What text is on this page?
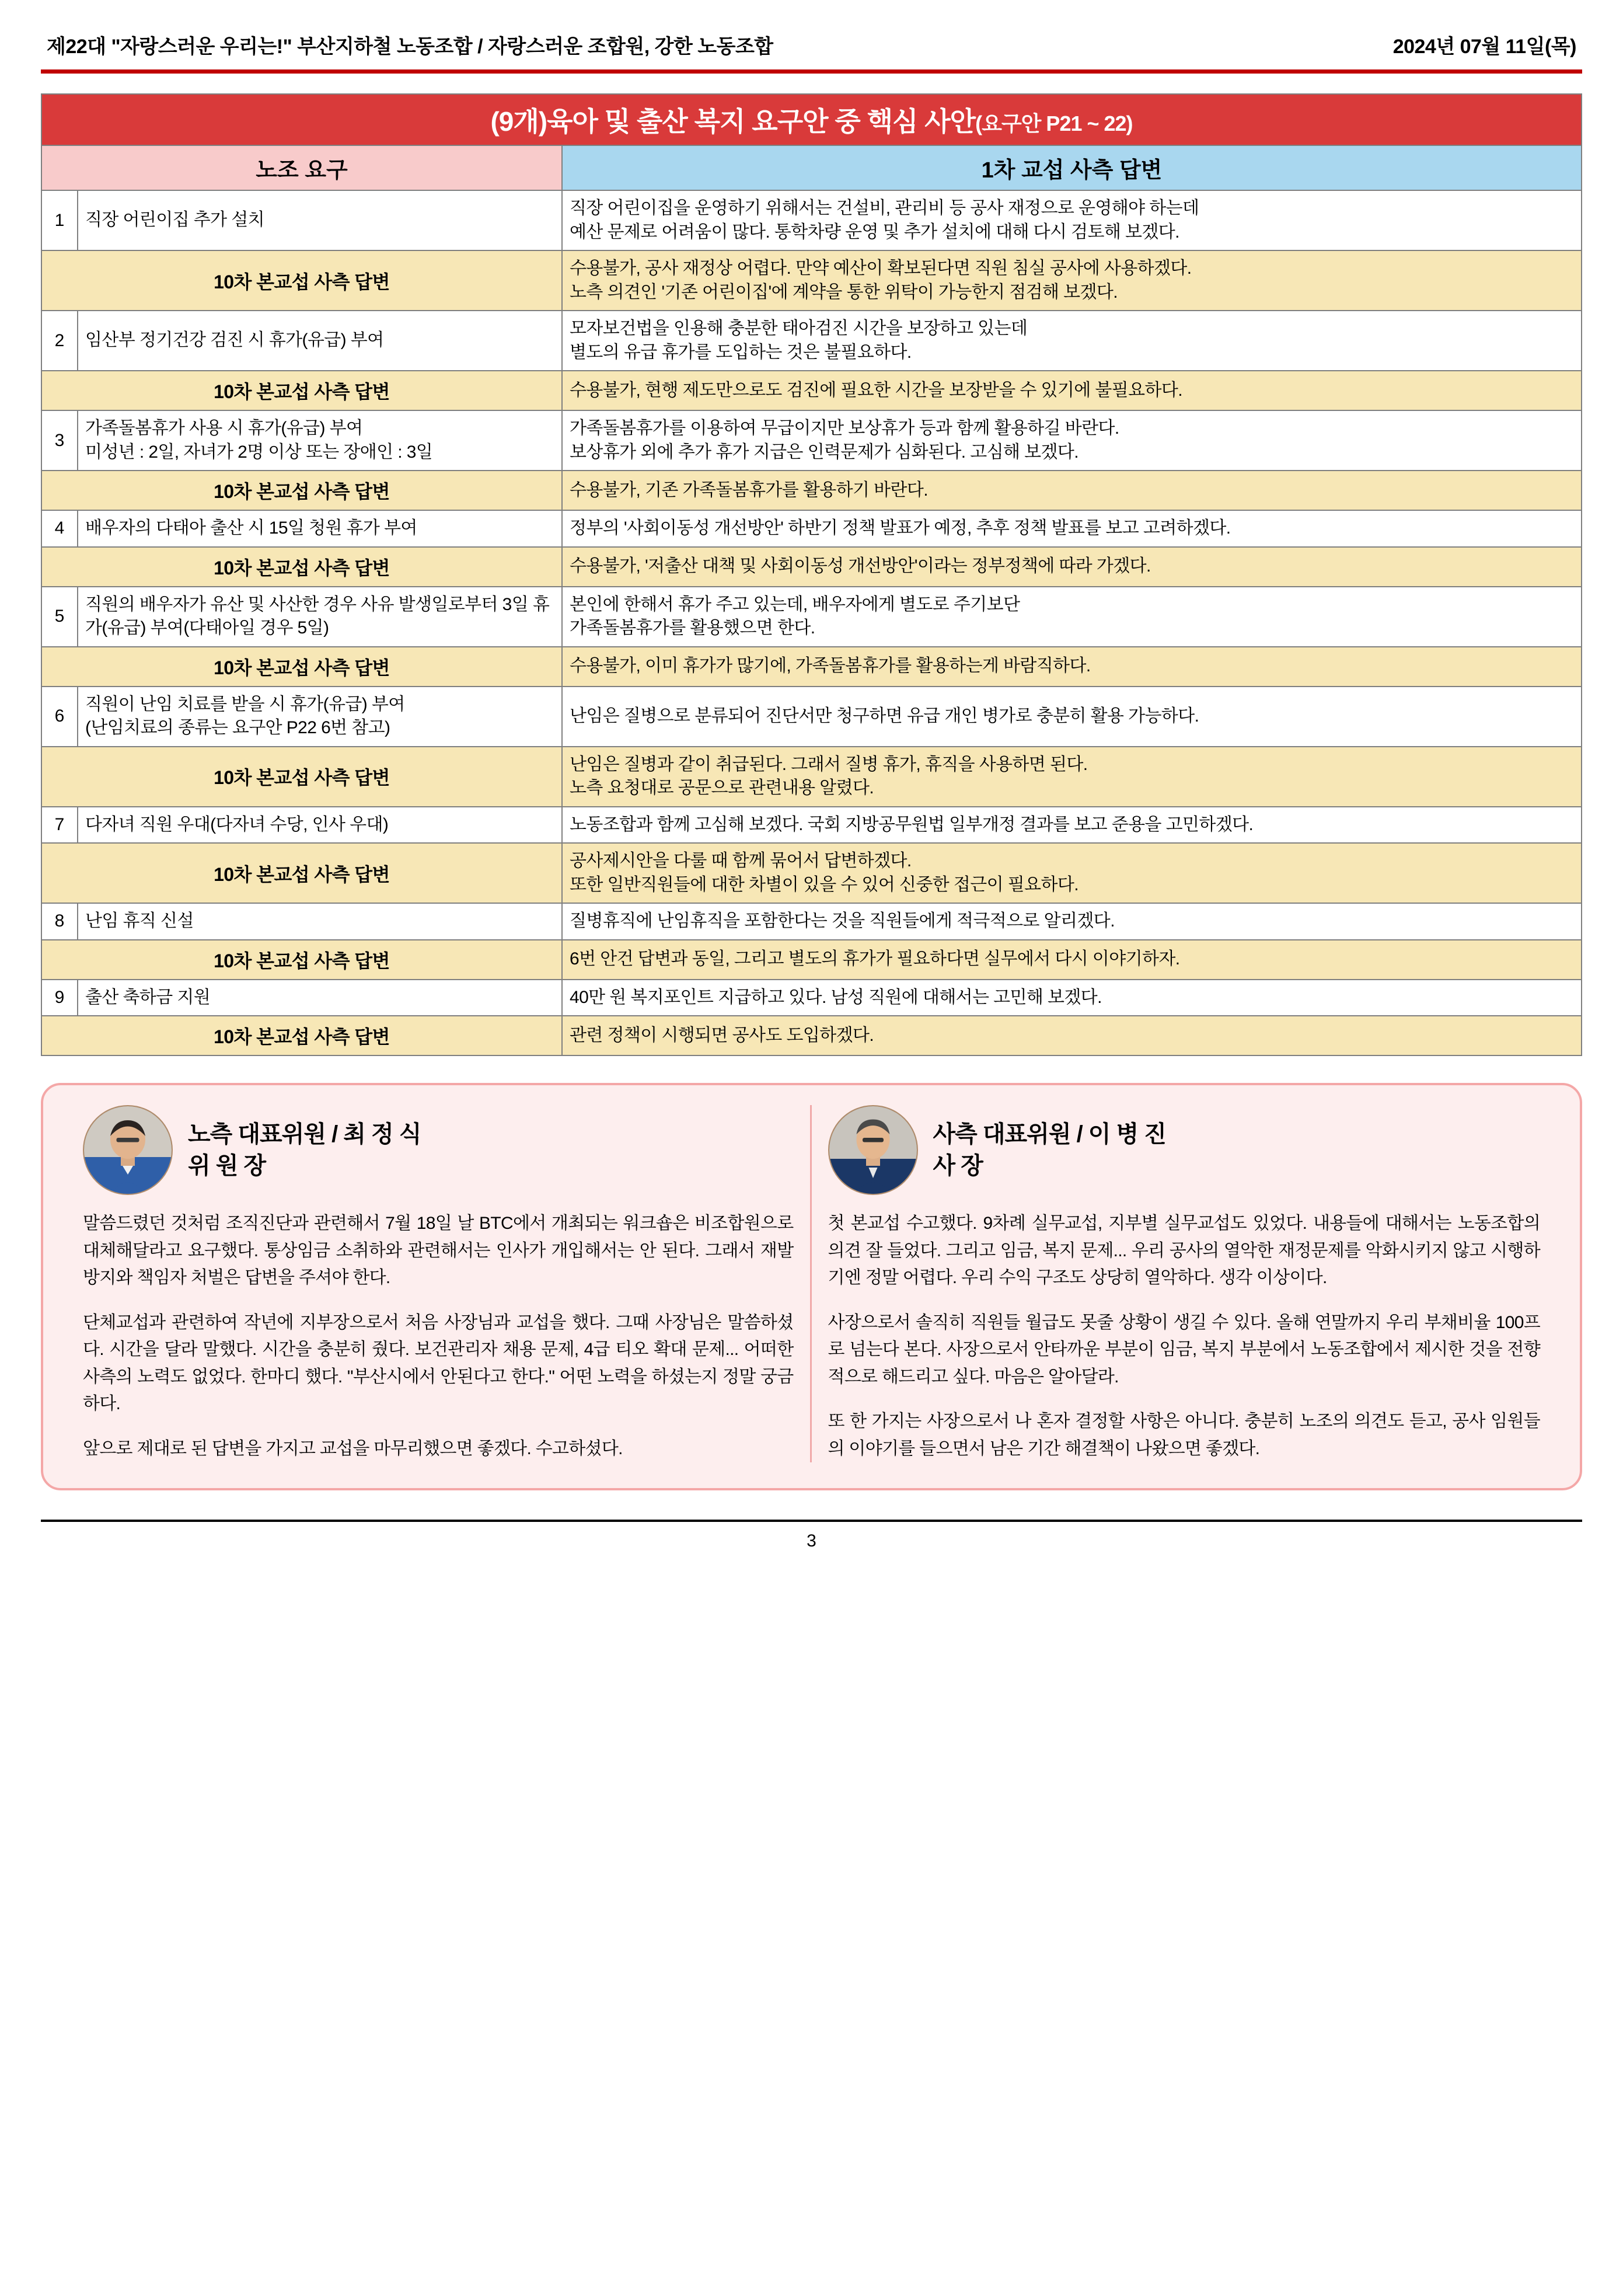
제22대 "자랑스러운 우리는!" 부산지하철 노동조합 / 자랑스러운 조합원, 강한 노동조합	2024년 07월 11일(목)
(9개)육아 및 출산 복지 요구안 중 핵심 사안(요구안 P21 ~ 22)		
노조 요구		1차 교섭 사측 답변
1	직장 어린이집 추가 설치	직장 어린이집을 운영하기 위해서는 건설비, 관리비 등 공사 재정으로 운영해야 하는데
예산 문제로 어려움이 많다. 통학차량 운영 및 추가 설치에 대해 다시 검토해 보겠다.
10차 본교섭 사측 답변		수용불가, 공사 재정상 어렵다. 만약 예산이 확보된다면 직원 침실 공사에 사용하겠다.
노측 의견인 '기존 어린이집'에 계약을 통한 위탁이 가능한지 점검해 보겠다.
2	임산부 정기건강 검진 시 휴가(유급) 부여	모자보건법을 인용해 충분한 태아검진 시간을 보장하고 있는데
별도의 유급 휴가를 도입하는 것은 불필요하다.
10차 본교섭 사측 답변		수용불가, 현행 제도만으로도 검진에 필요한 시간을 보장받을 수 있기에 불필요하다.
3	가족돌봄휴가 사용 시 휴가(유급) 부여
미성년 : 2일, 자녀가 2명 이상 또는 장애인 : 3일	가족돌봄휴가를 이용하여 무급이지만 보상휴가 등과 함께 활용하길 바란다.
보상휴가 외에 추가 휴가 지급은 인력문제가 심화된다. 고심해 보겠다.
10차 본교섭 사측 답변		수용불가, 기존 가족돌봄휴가를 활용하기 바란다.
4	배우자의 다태아 출산 시 15일 청원 휴가 부여	정부의 '사회이동성 개선방안' 하반기 정책 발표가 예정, 추후 정책 발표를 보고 고려하겠다.
10차 본교섭 사측 답변		수용불가, '저출산 대책 및 사회이동성 개선방안'이라는 정부정책에 따라 가겠다.
5	직원의 배우자가 유산 및 사산한 경우 사유 발생일로부터 3일 휴가(유급) 부여(다태아일 경우 5일)	본인에 한해서 휴가 주고 있는데, 배우자에게 별도로 주기보단
가족돌봄휴가를 활용했으면 한다.
10차 본교섭 사측 답변		수용불가, 이미 휴가가 많기에, 가족돌봄휴가를 활용하는게 바람직하다.
6	직원이 난임 치료를 받을 시 휴가(유급) 부여
(난임치료의 종류는 요구안 P22 6번 참고)	난임은 질병으로 분류되어 진단서만 청구하면 유급 개인 병가로 충분히 활용 가능하다.
10차 본교섭 사측 답변		난임은 질병과 같이 취급된다. 그래서 질병 휴가, 휴직을 사용하면 된다.
노측 요청대로 공문으로 관련내용 알렸다.
7	다자녀 직원 우대(다자녀 수당, 인사 우대)	노동조합과 함께 고심해 보겠다. 국회 지방공무원법 일부개정 결과를 보고 준용을 고민하겠다.
10차 본교섭 사측 답변		공사제시안을 다룰 때 함께 묶어서 답변하겠다.
또한 일반직원들에 대한 차별이 있을 수 있어 신중한 접근이 필요하다.
8	난임 휴직 신설	질병휴직에 난임휴직을 포함한다는 것을 직원들에게 적극적으로 알리겠다.
10차 본교섭 사측 답변		6번 안건 답변과 동일, 그리고 별도의 휴가가 필요하다면 실무에서 다시 이야기하자.
9	출산 축하금 지원	40만 원 복지포인트 지급하고 있다. 남성 직원에 대해서는 고민해 보겠다.
10차 본교섭 사측 답변		관련 정책이 시행되면 공사도 도입하겠다.
노측 대표위원 / 최 정 식
위 원 장

말씀드렸던 것처럼 조직진단과 관련해서 7월 18일 날 BTC에서 개최되는 워크숍은 비조합원으로 대체해달라고 요구했다. 통상임금 소취하와 관련해서는 인사가 개입해서는 안 된다. 그래서 재발방지와 책임자 처벌은 답변을 주셔야 한다.

단체교섭과 관련하여 작년에 지부장으로서 처음 사장님과 교섭을 했다. 그때 사장님은 말씀하셨다. 시간을 달라 말했다. 시간을 충분히 줬다. 보건관리자 채용 문제, 4급 티오 확대 문제... 어떠한 사측의 노력도 없었다. 한마디 했다. "부산시에서 안된다고 한다." 어떤 노력을 하셨는지 정말 궁금하다.

앞으로 제대로 된 답변을 가지고 교섭을 마무리했으면 좋겠다. 수고하셨다.

사측 대표위원 / 이 병 진
사 장

첫 본교섭 수고했다. 9차례 실무교섭, 지부별 실무교섭도 있었다. 내용들에 대해서는 노동조합의 의견 잘 들었다. 그리고 임금, 복지 문제... 우리 공사의 열악한 재정문제를 악화시키지 않고 시행하기엔 정말 어렵다. 우리 수익 구조도 상당히 열악하다. 생각 이상이다.

사장으로서 솔직히 직원들 월급도 못줄 상황이 생길 수 있다. 올해 연말까지 우리 부채비율 100프로 넘는다 본다. 사장으로서 안타까운 부분이 임금, 복지 부분에서 노동조합에서 제시한 것을 전향적으로 해드리고 싶다. 마음은 알아달라.

또 한 가지는 사장으로서 나 혼자 결정할 사항은 아니다. 충분히 노조의 의견도 듣고, 공사 임원들의 이야기를 들으면서 남은 기간 해결책이 나왔으면 좋겠다.

3
